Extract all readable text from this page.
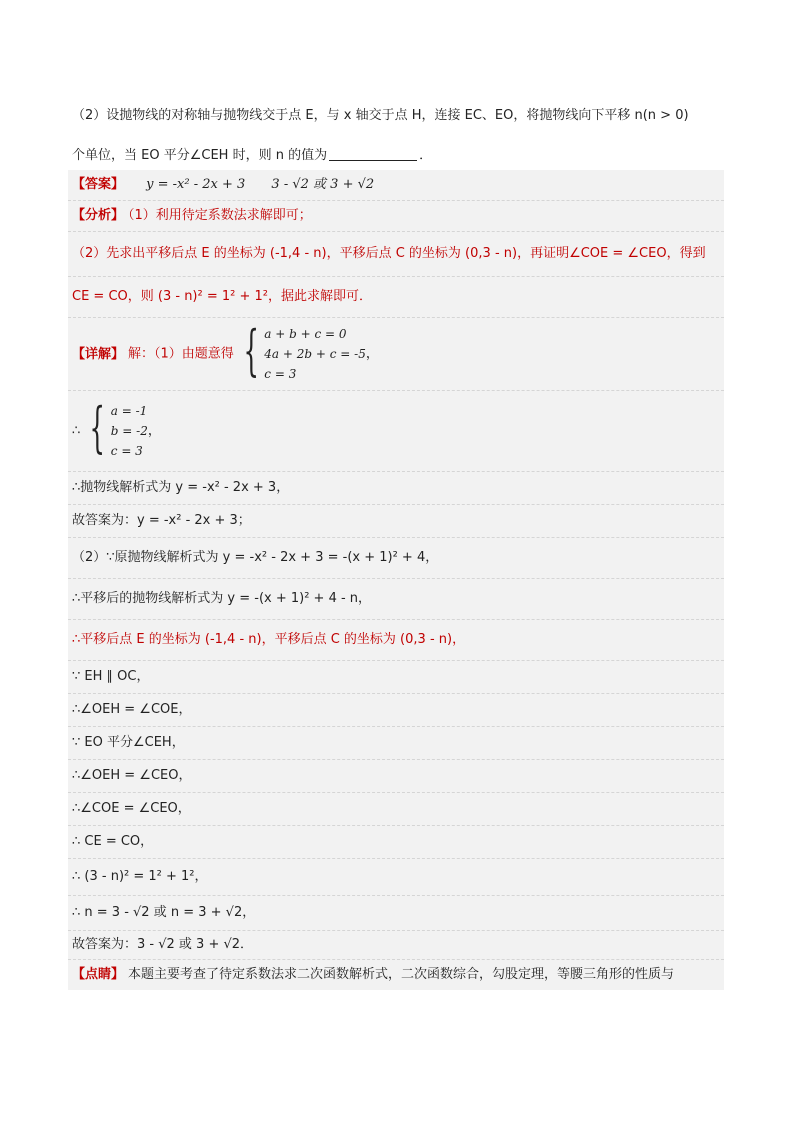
（2）设抛物线的对称轴与抛物线交于点 E，与 x 轴交于点 H，连接 EC、EO，将抛物线向下平移 n(n > 0)
个单位，当 EO 平分∠CEH 时，则 n 的值为	．
【答案】 y = -x² - 2x + 3 3 - √2 或 3 + √2
【分析】 （1）利用待定系数法求解即可；
（2）先求出平移后点 E 的坐标为 (-1,4 - n)，平移后点 C 的坐标为 (0,3 - n)，再证明∠COE = ∠CEO，得到
CE = CO，则 (3 - n)² = 1² + 1²，据此求解即可．
【详解】 解：（1）由题意得 { a + b + c = 0
4a + 2b + c = -5
c = 3
，
∴ { a = -1
b = -2
c = 3
，
∴抛物线解析式为 y = -x² - 2x + 3，
故答案为：y = -x² - 2x + 3；
（2）∵原抛物线解析式为 y = -x² - 2x + 3 = -(x + 1)² + 4，
∴平移后的抛物线解析式为 y = -(x + 1)² + 4 - n，
∴平移后点 E 的坐标为 (-1,4 - n)，平移后点 C 的坐标为 (0,3 - n)，
∵ EH ∥ OC，
∴∠OEH = ∠COE，
∵ EO 平分∠CEH，
∴∠OEH = ∠CEO，
∴∠COE = ∠CEO，
∴ CE = CO，
∴ (3 - n)² = 1² + 1²，
∴ n = 3 - √2 或 n = 3 + √2，
故答案为：3 - √2 或 3 + √2．
【点睛】 本题主要考查了待定系数法求二次函数解析式，二次函数综合，勾股定理，等腰三角形的性质与
